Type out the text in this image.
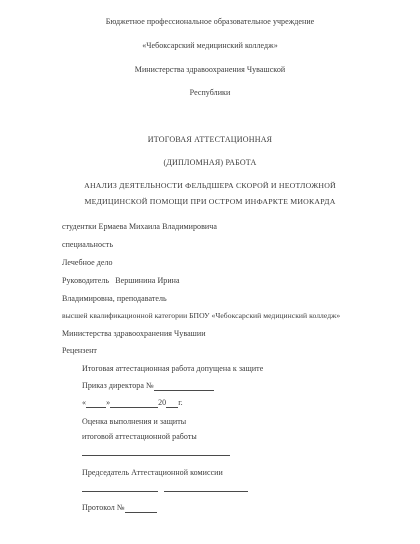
Бюджетное профессиональное образовательное учреждение
«Чебоксарский медицинский колледж»
Министерства здравоохранения Чувашской
Республики
ИТОГОВАЯ АТТЕСТАЦИОННАЯ
(ДИПЛОМНАЯ) РАБОТА
АНАЛИЗ ДЕЯТЕЛЬНОСТИ ФЕЛЬДШЕРА СКОРОЙ И НЕОТЛОЖНОЙ
МЕДИЦИНСКОЙ ПОМОЩИ ПРИ ОСТРОМ ИНФАРКТЕ МИОКАРДА
студентки Ермаева Михаила Владимировича
специальность
Лечебное дело
Руководитель Вершинина Ирина
Владимировна, преподаватель
высшей квалификационной категории БПОУ «Чебоксарский медицинский колледж»
Министерства здравоохранения Чувашии
Рецензент
Итоговая аттестационная работа допущена к защите
Приказ директора №
«	»	20 г.
Оценка выполнения и защиты
итоговой аттестационной работы
Председатель Аттестационной комиссии

Протокол №
